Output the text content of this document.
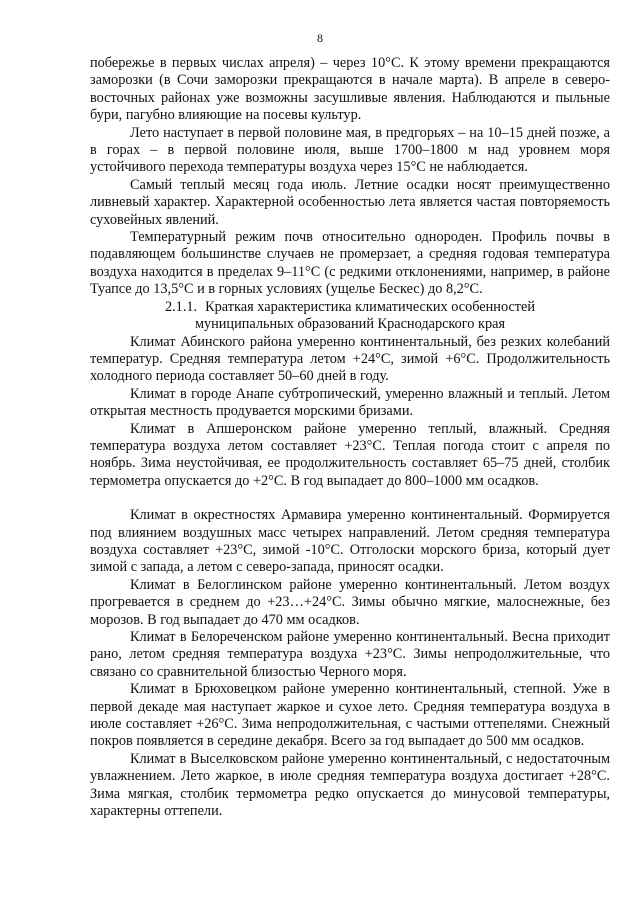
8

побережье в первых числах апреля) – через 10°С. К этому времени прекращаются заморозки (в Сочи заморозки прекращаются в начале марта). В апреле в северо-восточных районах уже возможны засушливые явления. Наблюдаются и пыльные бури, пагубно влияющие на посевы культур.

Лето наступает в первой половине мая, в предгорьях – на 10–15 дней позже, а в горах – в первой половине июля, выше 1700–1800 м над уровнем моря устойчивого перехода температуры воздуха через 15°С не наблюдается.

Самый теплый месяц года июль. Летние осадки носят преимущественно ливневый характер. Характерной особенностью лета является частая повторяемость суховейных явлений.

Температурный режим почв относительно однороден. Профиль почвы в подавляющем большинстве случаев не промерзает, а средняя годовая температура воздуха находится в пределах 9–11°С (с редкими отклонениями, например, в районе Туапсе до 13,5°С и в горных условиях (ущелье Бескес) до 8,2°С.

2.1.1. Краткая характеристика климатических особенностей
муниципальных образований Краснодарского края

Климат Абинского района умеренно континентальный, без резких колебаний температур. Средняя температура летом +24°С, зимой +6°С. Продолжительность холодного периода составляет 50–60 дней в году.

Климат в городе Анапе субтропический, умеренно влажный и теплый. Летом открытая местность продувается морскими бризами.

Климат в Апшеронском районе умеренно теплый, влажный. Средняя температура воздуха летом составляет +23°С. Теплая погода стоит с апреля по ноябрь. Зима неустойчивая, ее продолжительность составляет 65–75 дней, столбик термометра опускается до +2°С. В год выпадает до 800–1000 мм осадков.

Климат в окрестностях Армавира умеренно континентальный. Формируется под влиянием воздушных масс четырех направлений. Летом средняя температура воздуха составляет +23°С, зимой -10°С. Отголоски морского бриза, который дует зимой с запада, а летом с северо-запада, приносят осадки.

Климат в Белоглинском районе умеренно континентальный. Летом воздух прогревается в среднем до +23…+24°С. Зимы обычно мягкие, малоснежные, без морозов. В год выпадает до 470 мм осадков.

Климат в Белореченском районе умеренно континентальный. Весна приходит рано, летом средняя температура воздуха +23°С. Зимы непродолжительные, что связано со сравнительной близостью Черного моря.

Климат в Брюховецком районе умеренно континентальный, степной. Уже в первой декаде мая наступает жаркое и сухое лето. Средняя температура воздуха в июле составляет +26°С. Зима непродолжительная, с частыми оттепелями. Снежный покров появляется в середине декабря. Всего за год выпадает до 500 мм осадков.

Климат в Выселковском районе умеренно континентальный, с недостаточным увлажнением. Лето жаркое, в июле средняя температура воздуха достигает +28°С. Зима мягкая, столбик термометра редко опускается до минусовой температуры, характерны оттепели.
